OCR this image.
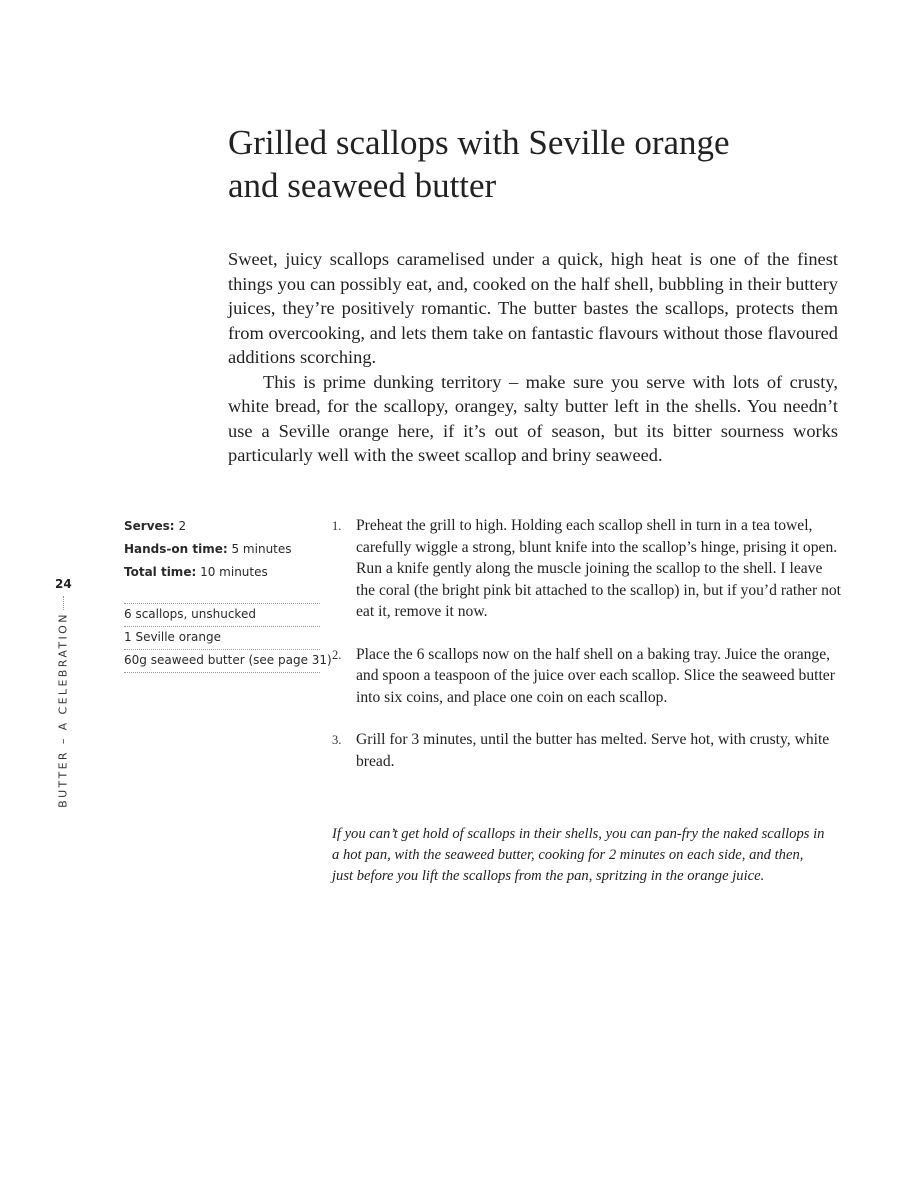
Grilled scallops with Seville orange
and seaweed butter

Sweet, juicy scallops caramelised under a quick, high heat is one of the finest things you can possibly eat, and, cooked on the half shell, bubbling in their buttery juices, they’re positively romantic. The butter bastes the scallops, protects them from overcooking, and lets them take on fantastic flavours without those flavoured additions scorching.

This is prime dunking territory – make sure you serve with lots of crusty, white bread, for the scallopy, orangey, salty butter left in the shells. You needn’t use a Seville orange here, if it’s out of season, but its bitter sourness works particularly well with the sweet scallop and briny seaweed.

24
BUTTER – A CELEBRATION
Serves: 2
Hands-on time: 5 minutes
Total time: 10 minutes
6 scallops, unshucked
1 Seville orange
60g seaweed butter (see page 31)
1. Preheat the grill to high. Holding each scallop shell in turn in a tea towel, carefully wiggle a strong, blunt knife into the scallop’s hinge, prising it open. Run a knife gently along the muscle joining the scallop to the shell. I leave the coral (the bright pink bit attached to the scallop) in, but if you’d rather not eat it, remove it now.
2. Place the 6 scallops now on the half shell on a baking tray. Juice the orange, and spoon a teaspoon of the juice over each scallop. Slice the seaweed butter into six coins, and place one coin on each scallop.
3. Grill for 3 minutes, until the butter has melted. Serve hot, with crusty, white bread.
If you can’t get hold of scallops in their shells, you can pan-fry the naked scallops in a hot pan, with the seaweed butter, cooking for 2 minutes on each side, and then, just before you lift the scallops from the pan, spritzing in the orange juice.
